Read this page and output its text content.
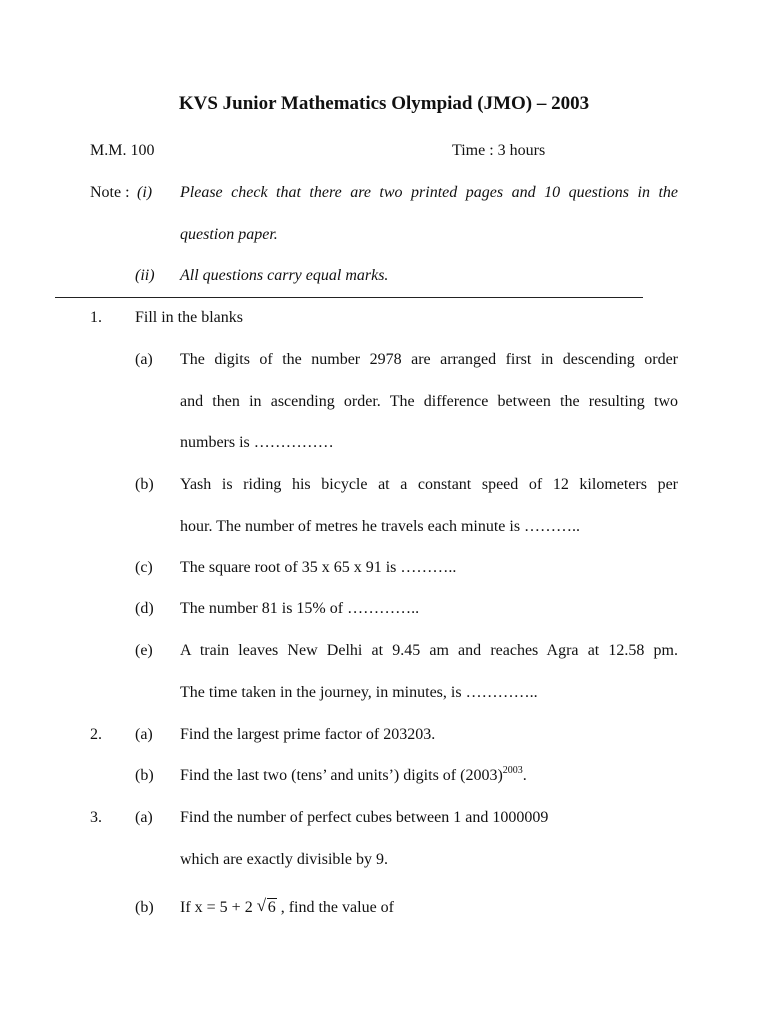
KVS Junior Mathematics Olympiad (JMO) – 2003
M.M. 100	Time : 3 hours
Note : (i) Please check that there are two printed pages and 10 questions in the
question paper.
(ii) All questions carry equal marks.
1. Fill in the blanks
(a) The digits of the number 2978 are arranged first in descending order
and then in ascending order. The difference between the resulting two
numbers is ……………
(b) Yash is riding his bicycle at a constant speed of 12 kilometers per
hour. The number of metres he travels each minute is ………..
(c) The square root of 35 x 65 x 91 is ………..
(d) The number 81 is 15% of …………..
(e) A train leaves New Delhi at 9.45 am and reaches Agra at 12.58 pm.
The time taken in the journey, in minutes, is …………..
2. (a) Find the largest prime factor of 203203.
(b) Find the last two (tens’ and units’) digits of $(2003)^{2003}$.
3. (a) Find the number of perfect cubes between 1 and 1000009
which are exactly divisible by 9.
(b) If x = 5 + 2 √ 6 , find the value of
